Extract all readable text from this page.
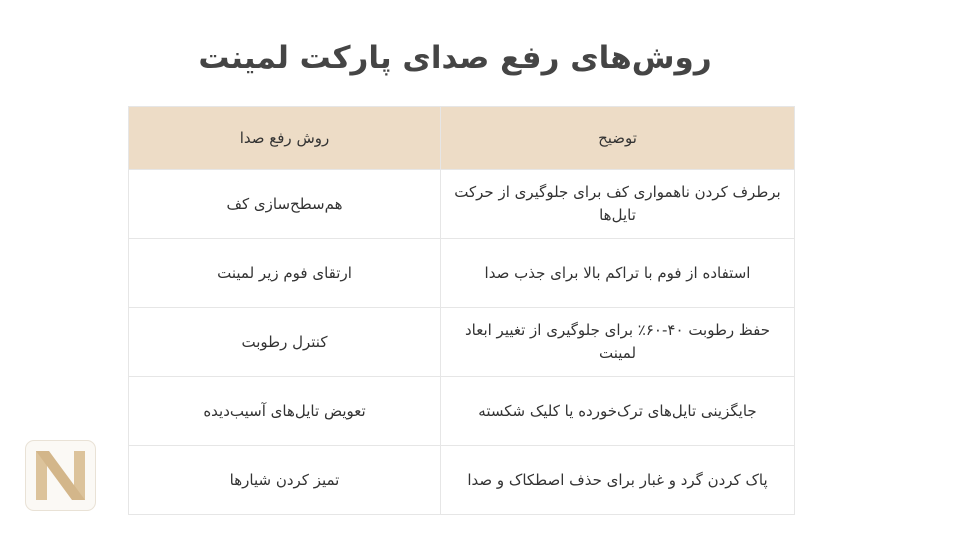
روش‌های رفع صدای پارکت لمینت
توضیح	روش رفع صدا
برطرف کردن ناهمواری کف برای جلوگیری از حرکت تایل‌ها	هم‌سطح‌سازی کف
استفاده از فوم با تراکم بالا برای جذب صدا	ارتقای فوم زیر لمینت
حفظ رطوبت ۴۰-۶۰٪ برای جلوگیری از تغییر ابعاد لمینت	کنترل رطوبت
جایگزینی تایل‌های ترک‌خورده یا کلیک شکسته	تعویض تایل‌های آسیب‌دیده
پاک کردن گرد و غبار برای حذف اصطکاک و صدا	تمیز کردن شیارها
